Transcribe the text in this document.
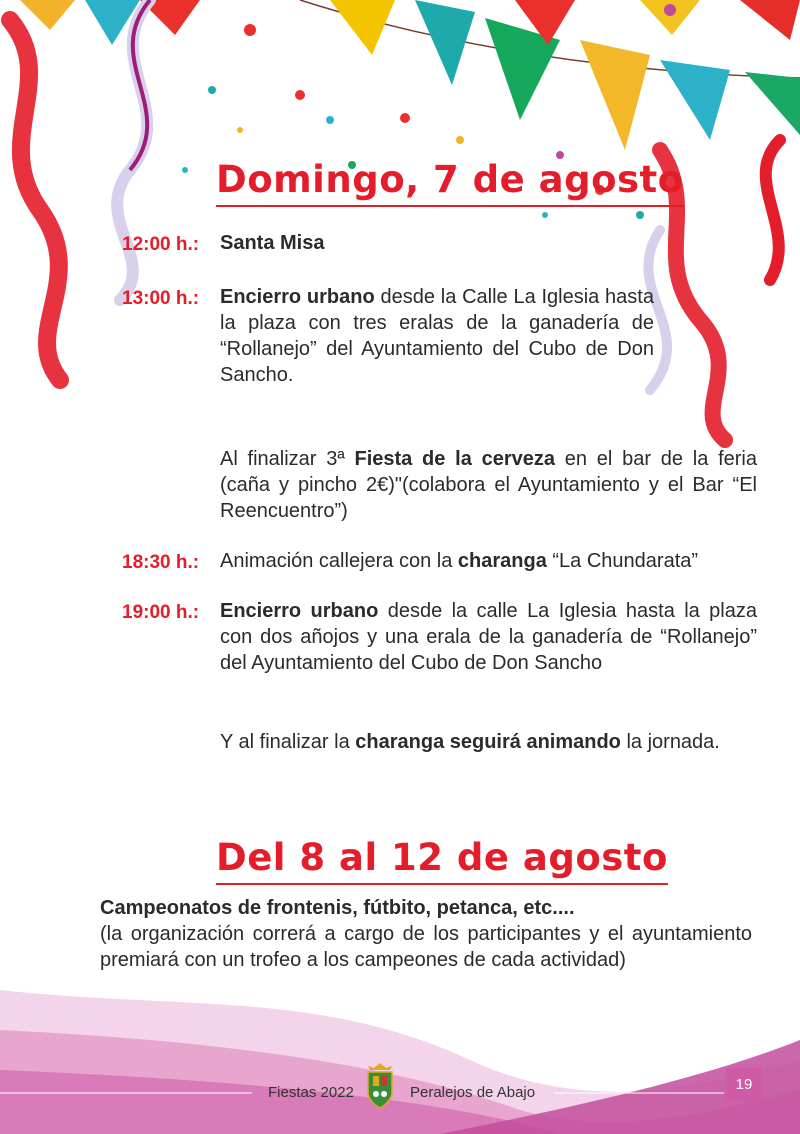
Domingo, 7 de agosto
12:00 h.: Santa Misa
13:00 h.: Encierro urbano desde la Calle La Iglesia hasta la plaza con tres eralas de la ganadería de “Rollanejo” del Ayuntamiento del Cubo de Don Sancho.
Al finalizar 3ª Fiesta de la cerveza en el bar de la feria (caña y pincho 2€)"(colabora el Ayuntamiento y el Bar “El Reencuentro”)
18:30 h.: Animación callejera con la charanga “La Chundarata”
19:00 h.: Encierro urbano desde la calle La Iglesia hasta la plaza con dos añojos y una erala de la ganadería de “Rollanejo” del Ayuntamiento del Cubo de Don Sancho
Y al finalizar la charanga seguirá animando la jornada.
Del 8 al 12 de agosto
Campeonatos de frontenis, fútbito, petanca, etc....
(la organización correrá a cargo de los participantes y el ayuntamiento premiará con un trofeo a los campeones de cada actividad)
Fiestas 2022	Peralejos de Abajo	19
